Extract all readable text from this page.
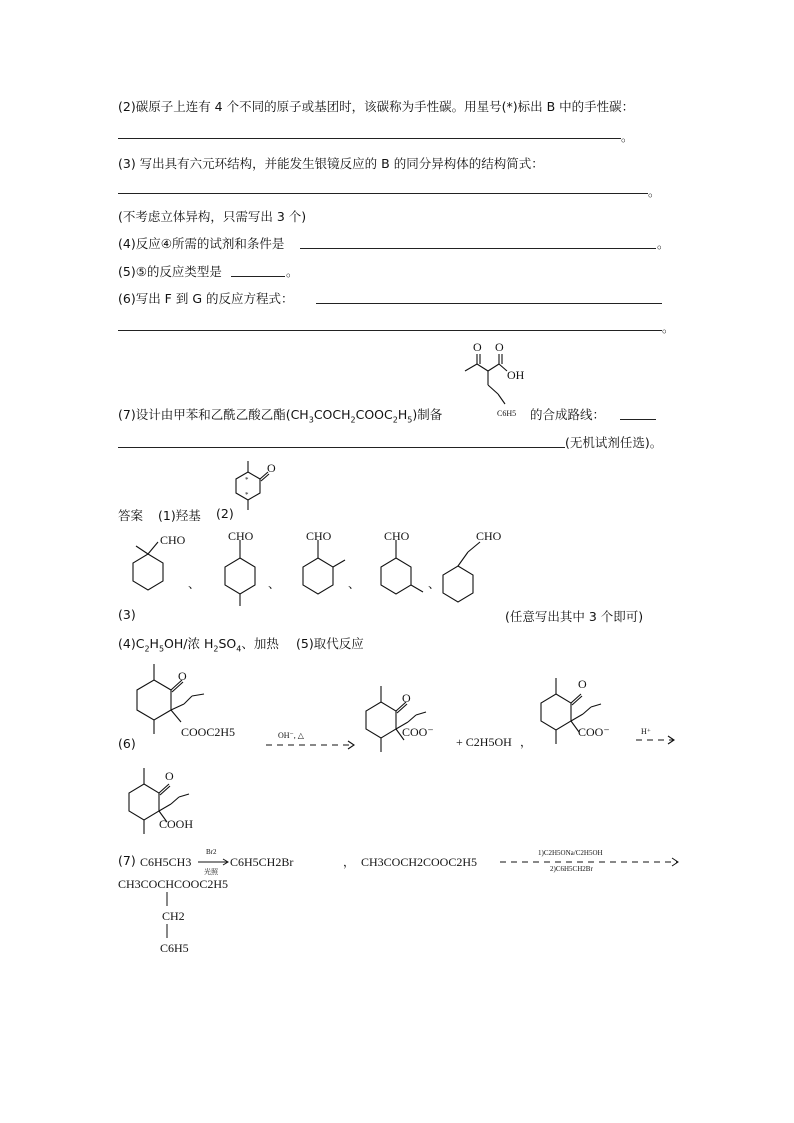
(2)碳原子上连有 4 个不同的原子或基团时，该碳称为手性碳。用星号(*)标出 B 中的手性碳：
。
(3) 写出具有六元环结构，并能发生银镜反应的 B 的同分异构体的结构简式：
。
(不考虑立体异构，只需写出 3 个)
(4)反应④所需的试剂和条件是	。
(5)⑤的反应类型是	。
(6)写出 F 到 G 的反应方程式：
。
O O
OH
C6H5
(7)设计由甲苯和乙酰乙酸乙酯$(CH_3COCH_2COOC_2H_5)$制备	的合成路线：
(无机试剂任选)。
答案 (1)羟基 (2)
O
*
*
CHO
、
CHO
、
CHO
、
CHO
、
CHO
(3)	(任意写出其中 3 个即可)
$(4)C_2H_5OH/$浓 $H_2SO_4$、加热 (5)取代反应
(6)
O
COOC2H5	OH⁻, △
O
COO⁻
+ C2H5OH ，
O
COO⁻	H⁺
O
COOH
(7) C6H5CH3
Br2
光照
C6H5CH2Br	， CH3COCH2COOC2H5
1)C2H5ONa/C2H5OH
2)C6H5CH2Br
CH3COCHCOOC2H5
CH2
C6H5
